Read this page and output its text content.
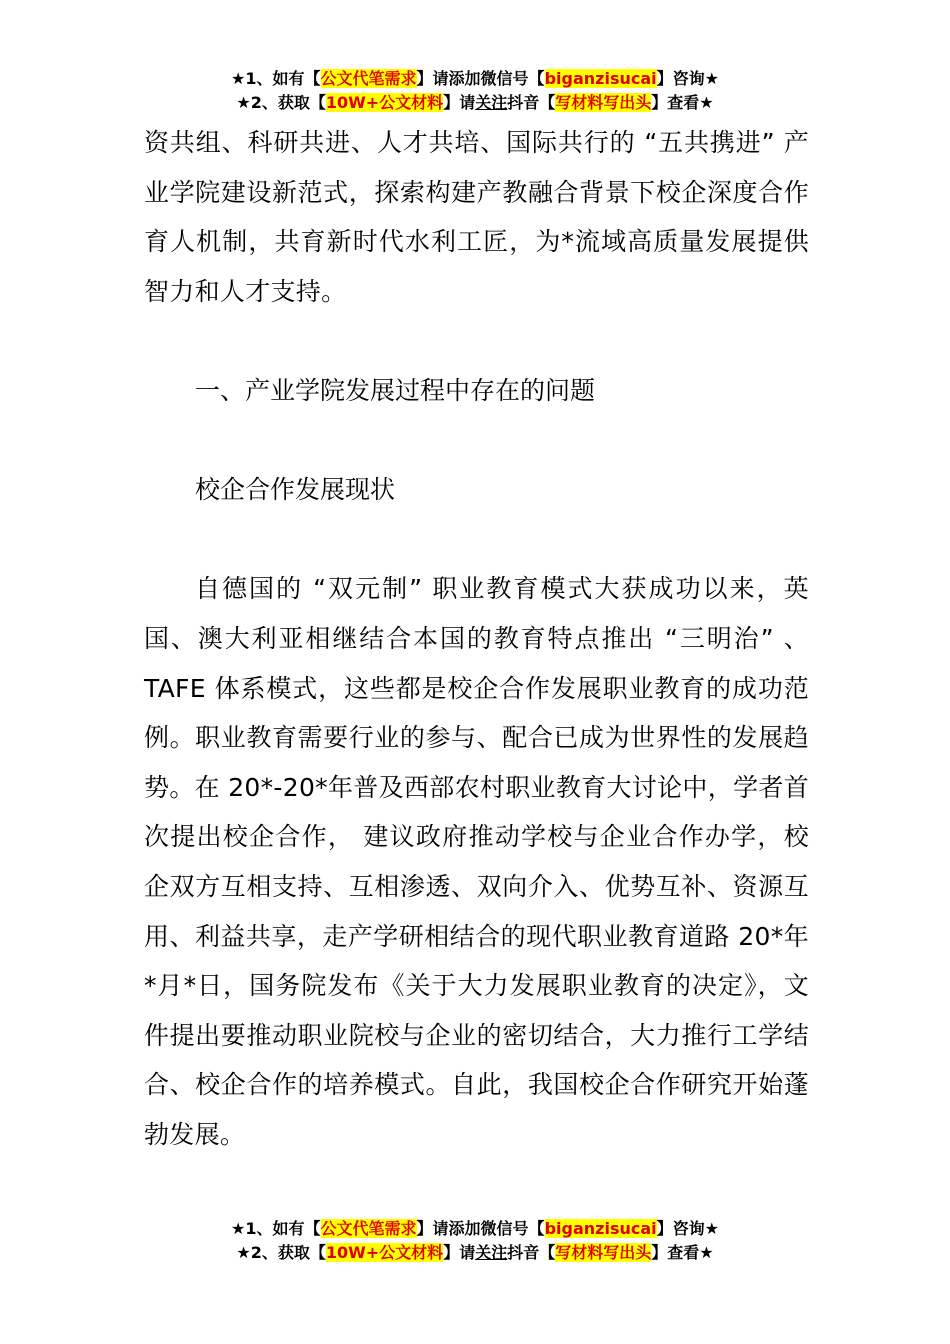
★1、如有【公文代笔需求】请添加微信号【biganzisucai】咨询★
★2、获取【10W+公文材料】请关注抖音【写材料写出头】查看★

资共组、科研共进、人才共培、国际共行的 “五共携进” 产业学院建设新范式，探索构建产教融合背景下校企深度合作育人机制，共育新时代水利工匠，为*流域高质量发展提供智力和人才支持。

一、产业学院发展过程中存在的问题

校企合作发展现状

自德国的 “双元制” 职业教育模式大获成功以来，英国、澳大利亚相继结合本国的教育特点推出 “三明治” 、TAFE 体系模式，这些都是校企合作发展职业教育的成功范例。职业教育需要行业的参与、配合已成为世界性的发展趋势。在 20*-20*年普及西部农村职业教育大讨论中，学者首次提出校企合作， 建议政府推动学校与企业合作办学，校企双方互相支持、互相渗透、双向介入、优势互补、资源互用、利益共享，走产学研相结合的现代职业教育道路 20*年*月*日，国务院发布《关于大力发展职业教育的决定》，文件提出要推动职业院校与企业的密切结合，大力推行工学结合、校企合作的培养模式。自此，我国校企合作研究开始蓬勃发展。

★1、如有【公文代笔需求】请添加微信号【biganzisucai】咨询★
★2、获取【10W+公文材料】请关注抖音【写材料写出头】查看★
